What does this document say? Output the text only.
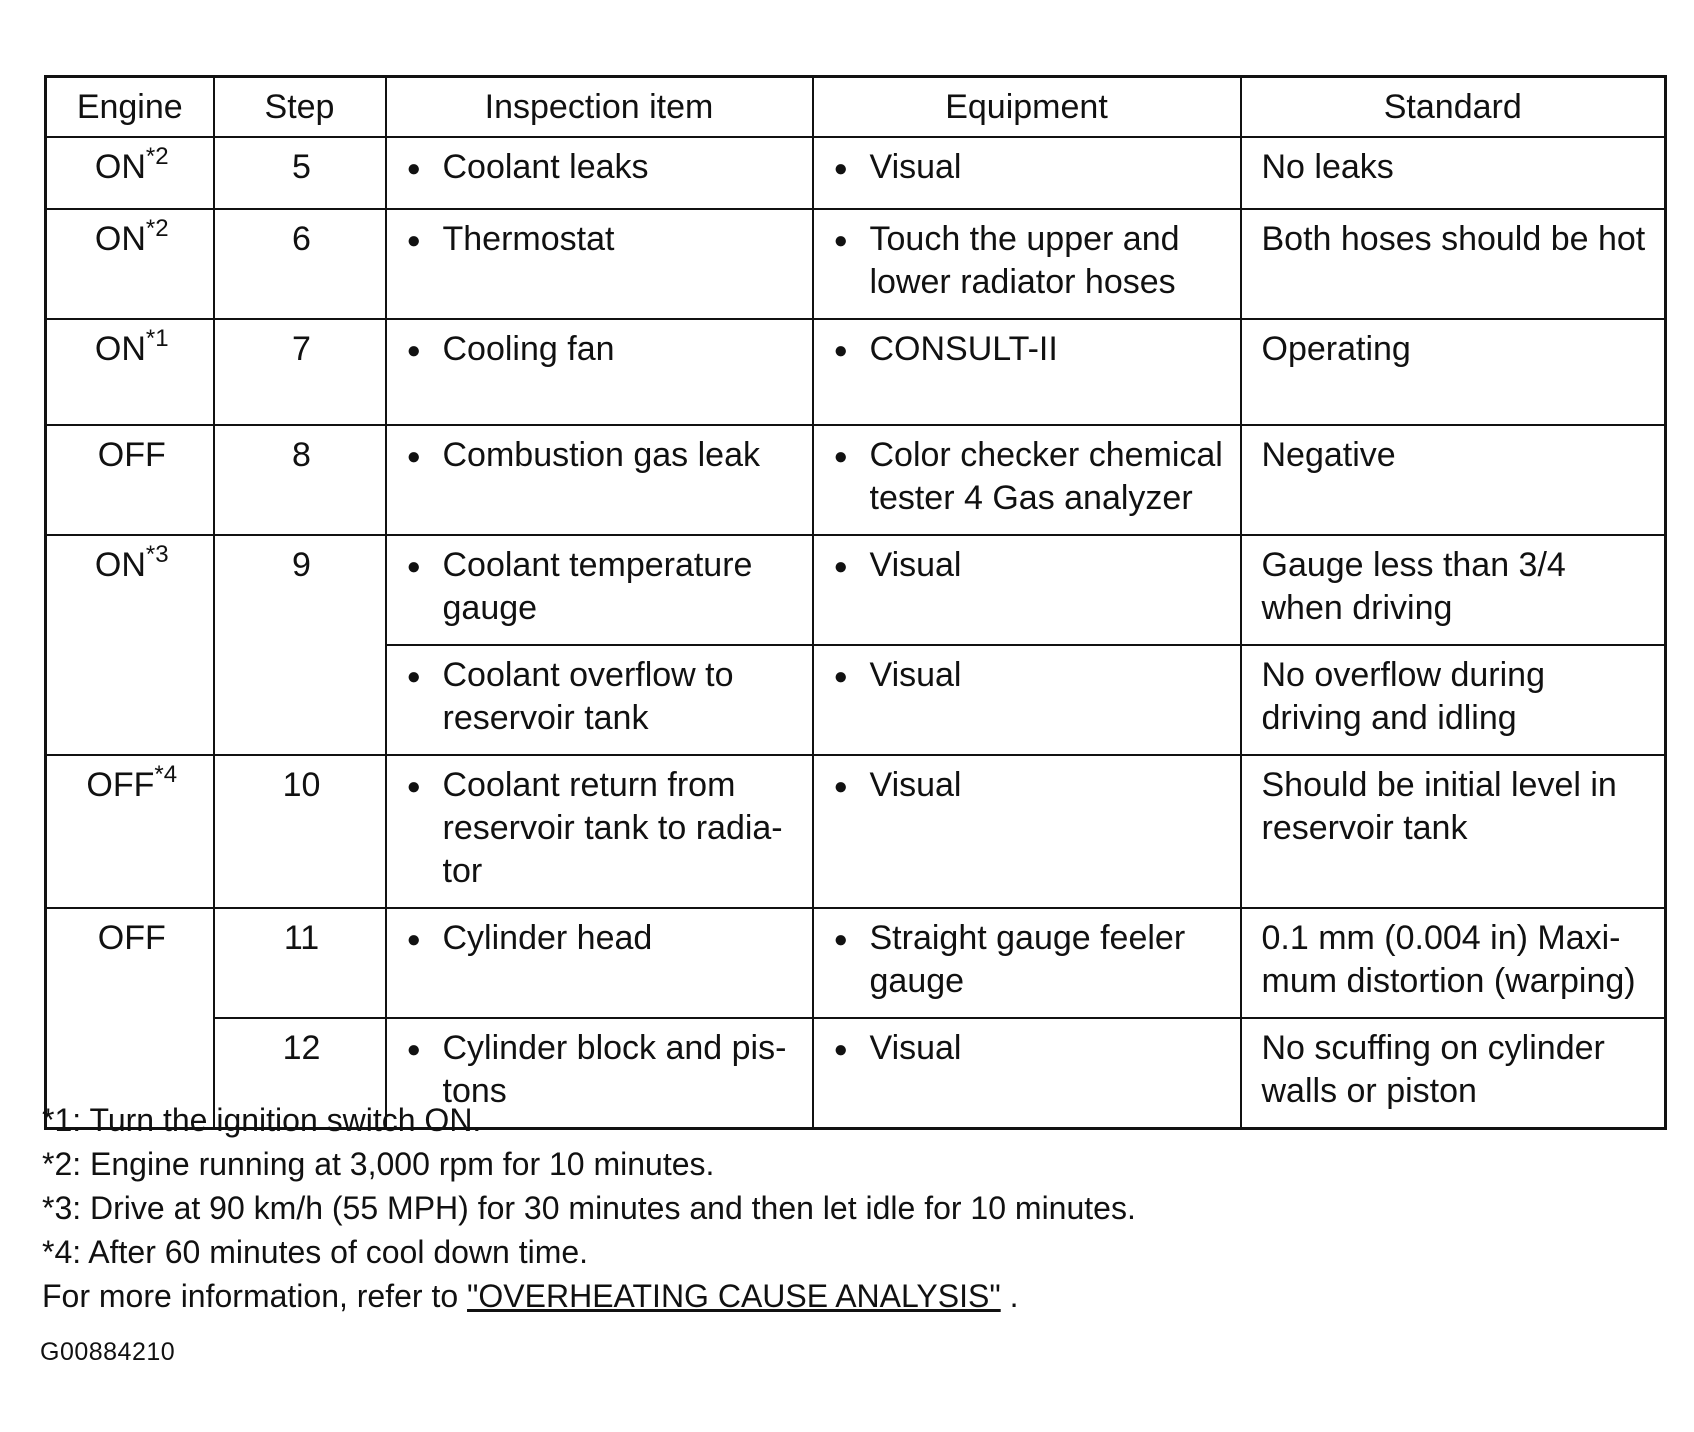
Engine	Step	Inspection item	Equipment	Standard
ON$^{*2}$	5	● Coolant leaks	● Visual	No leaks
ON$^{*2}$	6	● Thermostat	● Touch the upper and lower radiator hoses	Both hoses should be hot
ON$^{*1}$	7	● Cooling fan	● CONSULT-II	Operating
OFF	8	● Combustion gas leak	● Color checker chemical tester 4 Gas analyzer	Negative
ON$^{*3}$	9	● Coolant temperature gauge	● Visual	Gauge less than 3/4 when driving

		● Coolant overflow to reservoir tank	● Visual	No overflow during driving and idling
OFF$^{*4}$	10	● Coolant return from reservoir tank to radia-tor	● Visual	Should be initial level in reservoir tank
OFF	11	● Cylinder head	● Straight gauge feeler gauge	0.1 mm (0.004 in) Maxi-mum distortion (warping)
	12	● Cylinder block and pis-tons	● Visual	No scuffing on cylinder walls or piston
*1: Turn the ignition switch ON.
*2: Engine running at 3,000 rpm for 10 minutes.
*3: Drive at 90 km/h (55 MPH) for 30 minutes and then let idle for 10 minutes.
*4: After 60 minutes of cool down time.
For more information, refer to "OVERHEATING CAUSE ANALYSIS" .
G00884210
